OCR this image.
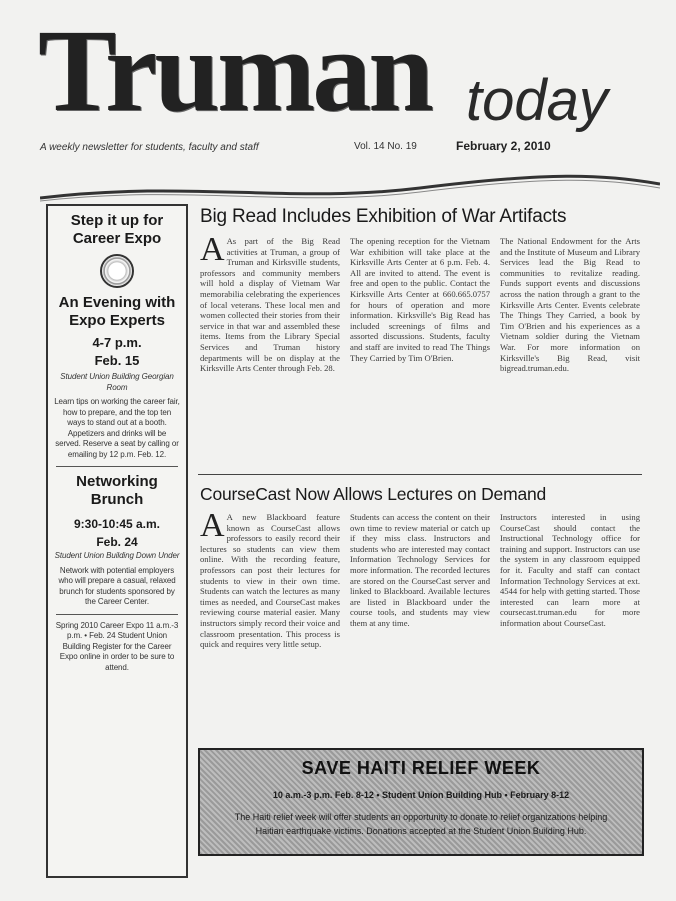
Truman today
A weekly newsletter for students, faculty and staff	Vol. 14 No. 19	February 2, 2010
Step it up for Career Expo
An Evening with Expo Experts
4-7 p.m.
Feb. 15
Student Union Building Georgian Room
Learn tips on working the career fair, how to prepare, and the top ten ways to stand out at a booth. Appetizers and drinks will be served. Reserve a seat by calling or emailing by 12 p.m. Feb. 12.
Networking Brunch
9:30-10:45 a.m.
Feb. 24
Student Union Building Down Under
Network with potential employers who will prepare a casual, relaxed brunch for students sponsored by the Career Center.
Spring 2010 Career Expo 11 a.m.-3 p.m. • Feb. 24 Student Union Building Register for the Career Expo online in order to be sure to attend.
Big Read Includes Exhibition of War Artifacts

A As part of the Big Read activities at Truman, a group of Truman and Kirksville students, professors and community members will hold a display of Vietnam War memorabilia celebrating the experiences of local veterans. These local men and women collected their stories from their service in that war and assembled these items. Items from the Library Special Services and Truman history departments will be on display at the Kirksville Arts Center through Feb. 28.

The opening reception for the Vietnam War exhibition will take place at the Kirksville Arts Center at 6 p.m. Feb. 4. All are invited to attend. The event is free and open to the public. Contact the Kirksville Arts Center at 660.665.0757 for hours of operation and more information. Kirksville's Big Read has included screenings of films and assorted discussions. Students, faculty and staff are invited to read The Things They Carried by Tim O'Brien.

The National Endowment for the Arts and the Institute of Museum and Library Services lead the Big Read to communities to revitalize reading. Funds support events and discussions across the nation through a grant to the Kirksville Arts Center. Events celebrate The Things They Carried, a book by Tim O'Brien and his experiences as a Vietnam soldier during the Vietnam War. For more information on Kirksville's Big Read, visit bigread.truman.edu.

CourseCast Now Allows Lectures on Demand

A A new Blackboard feature known as CourseCast allows professors to easily record their lectures so students can view them online. With the recording feature, professors can post their lectures for students to view in their own time. Students can watch the lectures as many times as needed, and CourseCast makes reviewing course material easier. Many instructors simply record their voice and classroom presentation. This process is quick and requires very little setup.

Students can access the content on their own time to review material or catch up if they miss class. Instructors and students who are interested may contact Information Technology Services for more information. The recorded lectures are stored on the CourseCast server and linked to Blackboard. Available lectures are listed in Blackboard under the course tools, and students may view them at any time.

Instructors interested in using CourseCast should contact the Instructional Technology office for training and support. Instructors can use the system in any classroom equipped for it. Faculty and staff can contact Information Technology Services at ext. 4544 for help with getting started. Those interested can learn more at coursecast.truman.edu for more information about CourseCast.

SAVE HAITI RELIEF WEEK
10 a.m.-3 p.m. Feb. 8-12 • Student Union Building Hub • February 8-12
The Haiti relief week will offer students an opportunity to donate to relief organizations helping
Haitian earthquake victims. Donations accepted at the Student Union Building Hub.
